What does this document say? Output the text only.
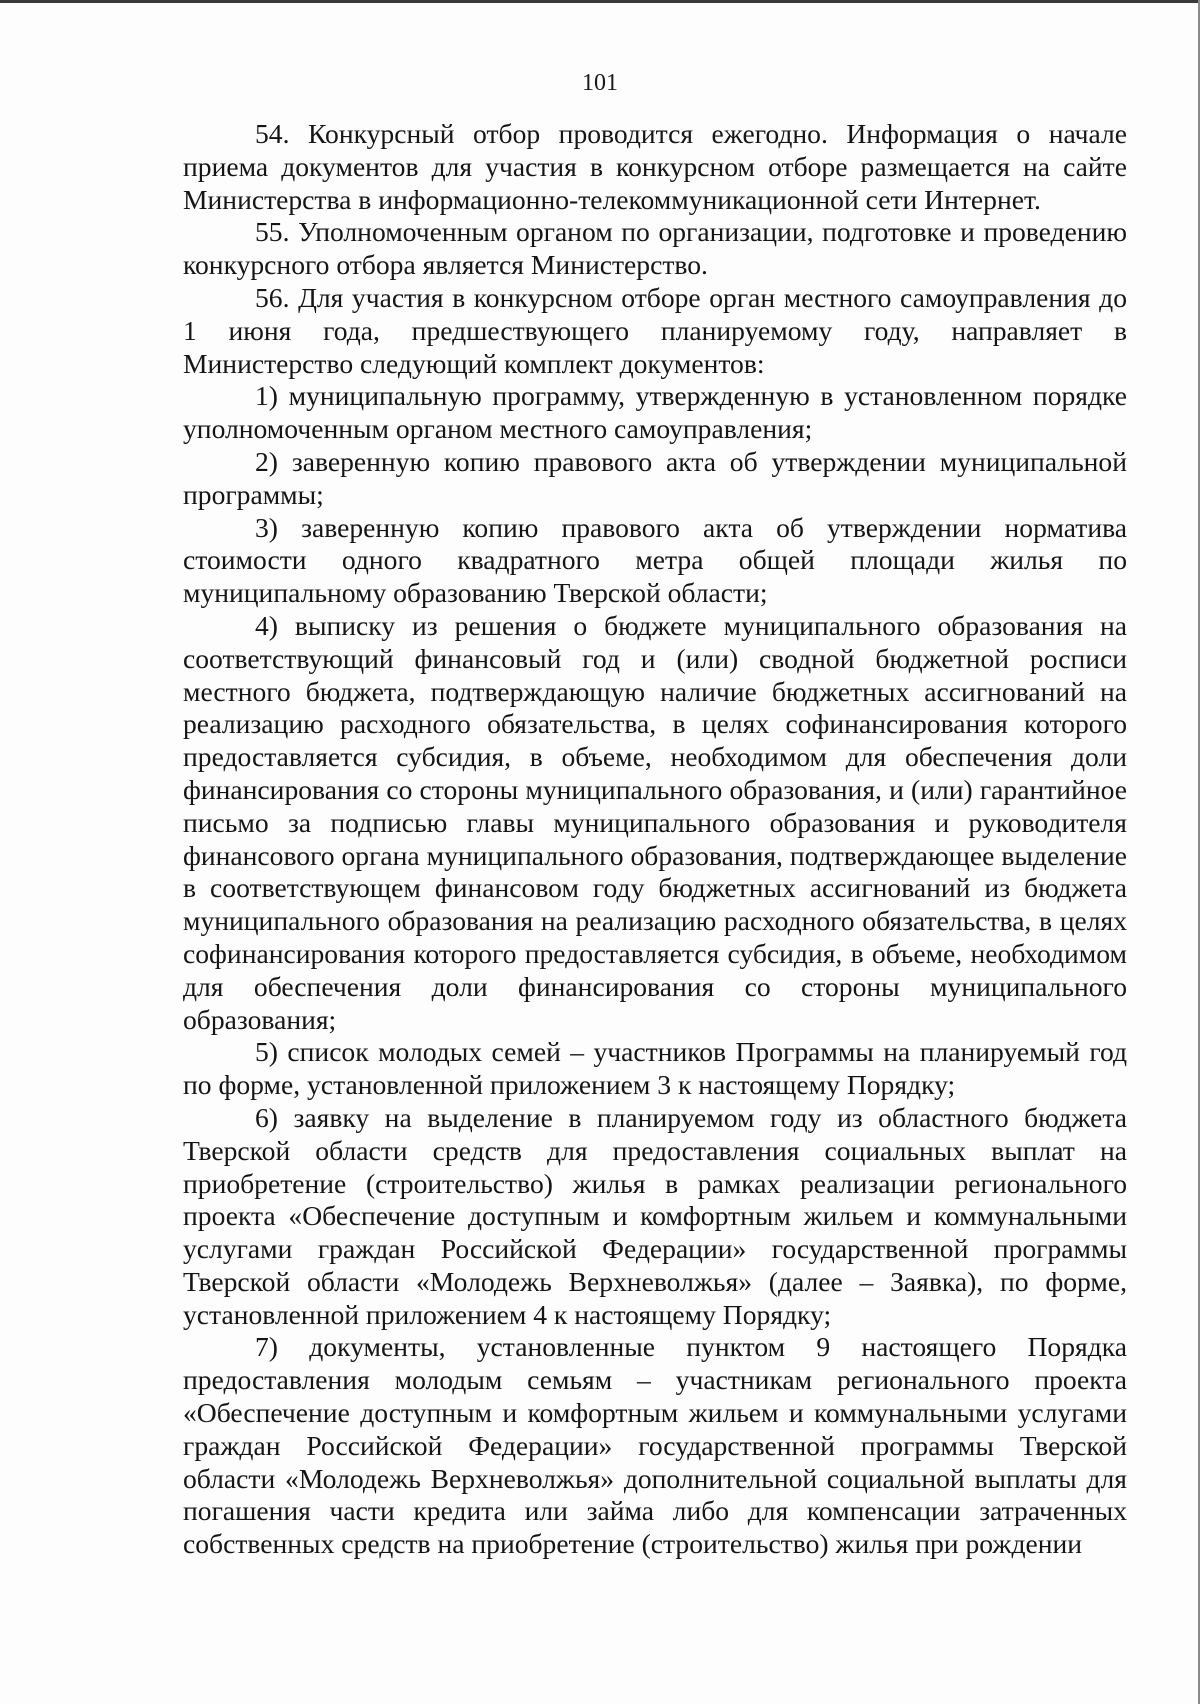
101

54. Конкурсный отбор проводится ежегодно. Информация о начале приема документов для участия в конкурсном отборе размещается на сайте Министерства в информационно-телекоммуникационной сети Интернет.

55. Уполномоченным органом по организации, подготовке и проведению конкурсного отбора является Министерство.

56. Для участия в конкурсном отборе орган местного самоуправления до 1 июня года, предшествующего планируемому году, направляет в Министерство следующий комплект документов:

1) муниципальную программу, утвержденную в установленном порядке уполномоченным органом местного самоуправления;

2) заверенную копию правового акта об утверждении муниципальной программы;

3) заверенную копию правового акта об утверждении норматива стоимости одного квадратного метра общей площади жилья по муниципальному образованию Тверской области;

4) выписку из решения о бюджете муниципального образования на соответствующий финансовый год и (или) сводной бюджетной росписи местного бюджета, подтверждающую наличие бюджетных ассигнований на реализацию расходного обязательства, в целях софинансирования которого предоставляется субсидия, в объеме, необходимом для обеспечения доли финансирования со стороны муниципального образования, и (или) гарантийное письмо за подписью главы муниципального образования и руководителя финансового органа муниципального образования, подтверждающее выделение в соответствующем финансовом году бюджетных ассигнований из бюджета муниципального образования на реализацию расходного обязательства, в целях софинансирования которого предоставляется субсидия, в объеме, необходимом для обеспечения доли финансирования со стороны муниципального образования;

5) список молодых семей – участников Программы на планируемый год по форме, установленной приложением 3 к настоящему Порядку;

6) заявку на выделение в планируемом году из областного бюджета Тверской области средств для предоставления социальных выплат на приобретение (строительство) жилья в рамках реализации регионального проекта «Обеспечение доступным и комфортным жильем и коммунальными услугами граждан Российской Федерации» государственной программы Тверской области «Молодежь Верхневолжья» (далее – Заявка), по форме, установленной приложением 4 к настоящему Порядку;

7) документы, установленные пунктом 9 настоящего Порядка предоставления молодым семьям – участникам регионального проекта «Обеспечение доступным и комфортным жильем и коммунальными услугами граждан Российской Федерации» государственной программы Тверской области «Молодежь Верхневолжья» дополнительной социальной выплаты для погашения части кредита или займа либо для компенсации затраченных собственных средств на приобретение (строительство) жилья при рождении
